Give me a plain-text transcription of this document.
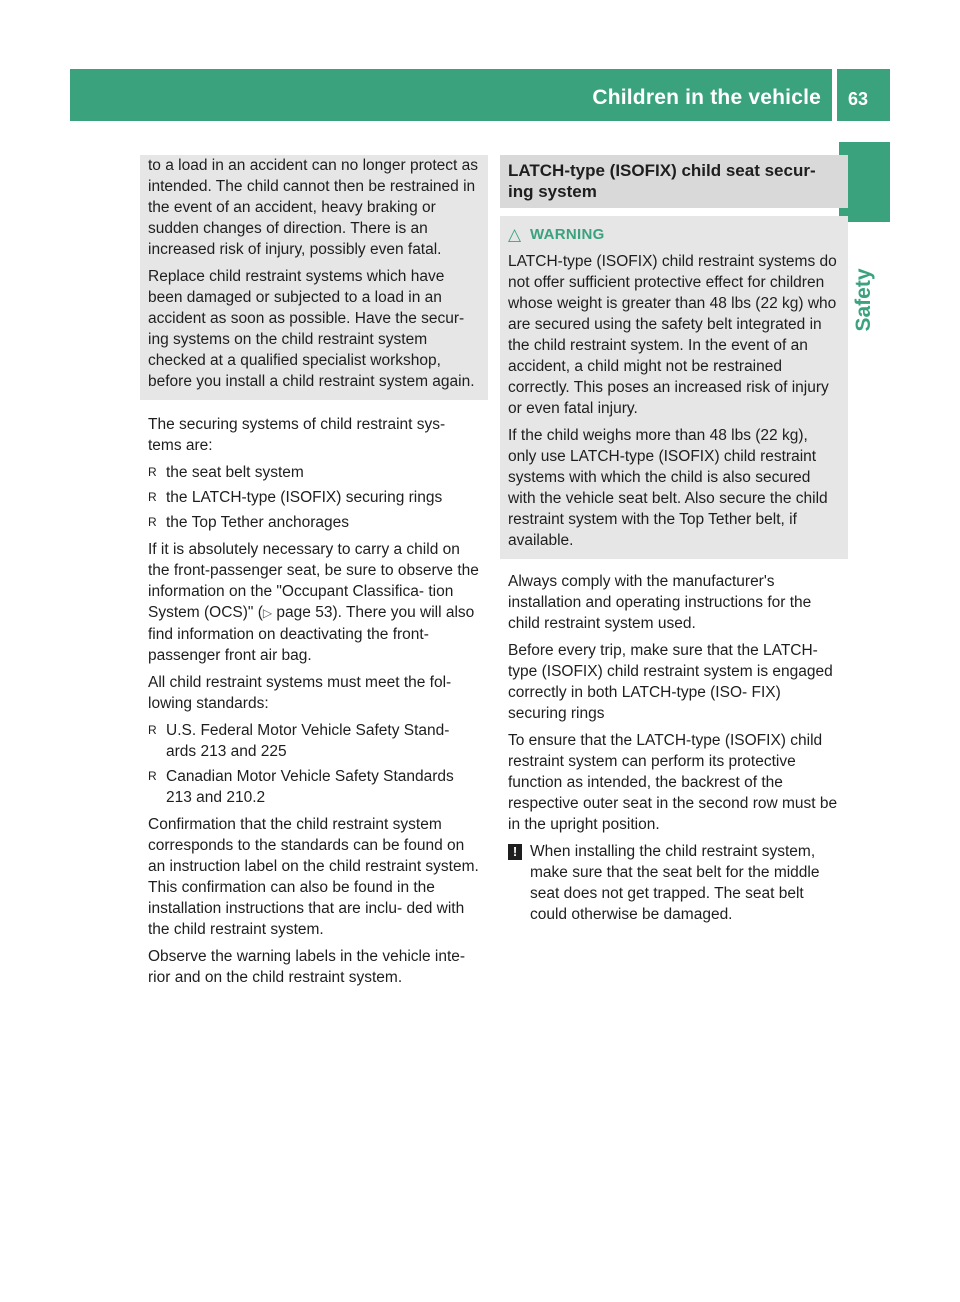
Children in the vehicle 63
Safety

to a load in an accident can no longer protect as intended. The child cannot then be restrained in the event of an accident, heavy braking or sudden changes of direction. There is an increased risk of injury, possibly even fatal.

Replace child restraint systems which have been damaged or subjected to a load in an accident as soon as possible. Have the secur- ing systems on the child restraint system checked at a qualified specialist workshop, before you install a child restraint system again.

The securing systems of child restraint sys- tems are:

R the seat belt system
R the LATCH-type (ISOFIX) securing rings
R the Top Tether anchorages

If it is absolutely necessary to carry a child on the front-passenger seat, be sure to observe the information on the "Occupant Classifica- tion System (OCS)" (▷ page 53). There you will also find information on deactivating the front-passenger front air bag.

All child restraint systems must meet the fol- lowing standards:

R U.S. Federal Motor Vehicle Safety Stand- ards 213 and 225
R Canadian Motor Vehicle Safety Standards 213 and 210.2

Confirmation that the child restraint system corresponds to the standards can be found on an instruction label on the child restraint system. This confirmation can also be found in the installation instructions that are inclu- ded with the child restraint system.

Observe the warning labels in the vehicle inte- rior and on the child restraint system.

LATCH-type (ISOFIX) child seat secur- ing system
△ WARNING

LATCH-type (ISOFIX) child restraint systems do not offer sufficient protective effect for children whose weight is greater than 48 lbs (22 kg) who are secured using the safety belt integrated in the child restraint system. In the event of an accident, a child might not be restrained correctly. This poses an increased risk of injury or even fatal injury.

If the child weighs more than 48 lbs (22 kg), only use LATCH-type (ISOFIX) child restraint systems with which the child is also secured with the vehicle seat belt. Also secure the child restraint system with the Top Tether belt, if available.

Always comply with the manufacturer's installation and operating instructions for the child restraint system used.

Before every trip, make sure that the LATCH- type (ISOFIX) child restraint system is engaged correctly in both LATCH-type (ISO- FIX) securing rings

To ensure that the LATCH-type (ISOFIX) child restraint system can perform its protective function as intended, the backrest of the respective outer seat in the second row must be in the upright position.

! When installing the child restraint system, make sure that the seat belt for the middle seat does not get trapped. The seat belt could otherwise be damaged.
